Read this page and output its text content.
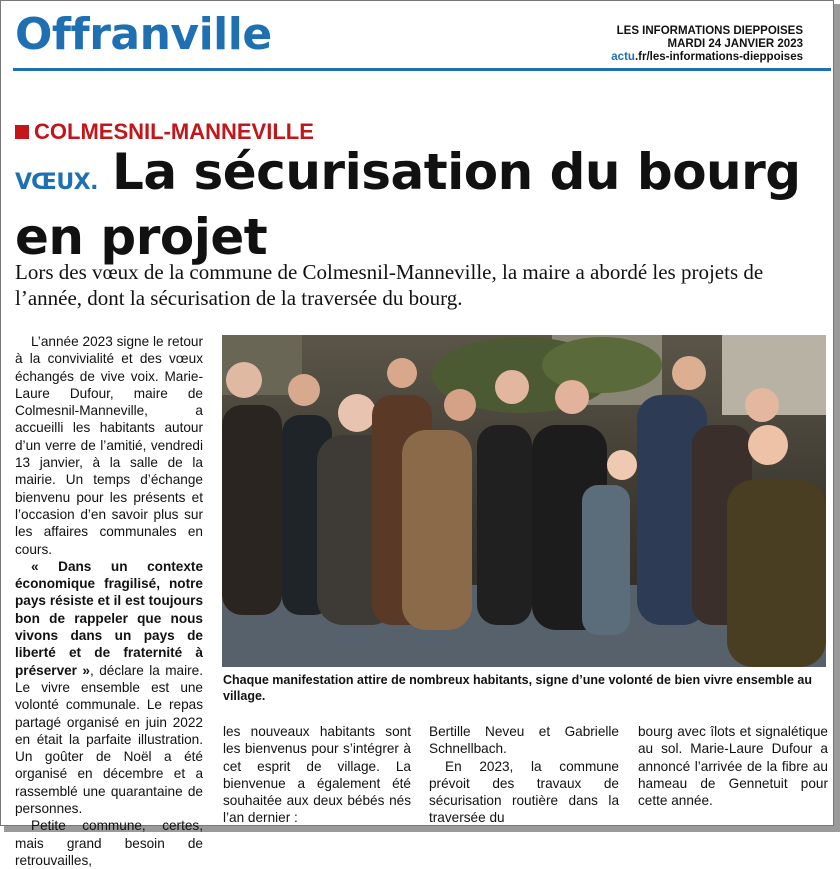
Offranville	LES INFORMATIONS DIEPPOISES
MARDI 24 JANVIER 2023
actu.fr/les-informations-dieppoises
COLMESNIL-MANNEVILLE
VŒUX. La sécurisation du bourg en projet
Lors des vœux de la commune de Colmesnil-Manneville, la maire a abordé les projets de l’année, dont la sécurisation de la traversée du bourg.

L’année 2023 signe le retour à la convivialité et des vœux échangés de vive voix. Marie-Laure Dufour, maire de Colmesnil-Manneville, a accueilli les habitants autour d’un verre de l’amitié, vendredi 13 janvier, à la salle de la mairie. Un temps d’échange bienvenu pour les présents et l’occasion d’en savoir plus sur les affaires communales en cours.

« Dans un contexte économique fragilisé, notre pays résiste et il est toujours bon de rappeler que nous vivons dans un pays de liberté et de fraternité à préserver », déclare la maire. Le vivre ensemble est une volonté communale. Le repas partagé organisé en juin 2022 en était la parfaite illustration. Un goûter de Noël a été organisé en décembre et a rassemblé une quarantaine de personnes.

Petite commune, certes, mais grand besoin de retrouvailles,

Chaque manifestation attire de nombreux habitants, signe d’une volonté de bien vivre ensemble au village.

les nouveaux habitants sont les bienvenus pour s’intégrer à cet esprit de village. La bienvenue a également été souhaitée aux deux bébés nés l’an dernier :

Bertille Neveu et Gabrielle Schnellbach.

En 2023, la commune prévoit des travaux de sécurisation routière dans la traversée du

bourg avec îlots et signalétique au sol. Marie-Laure Dufour a annoncé l’arrivée de la fibre au hameau de Gennetuit pour cette année.
